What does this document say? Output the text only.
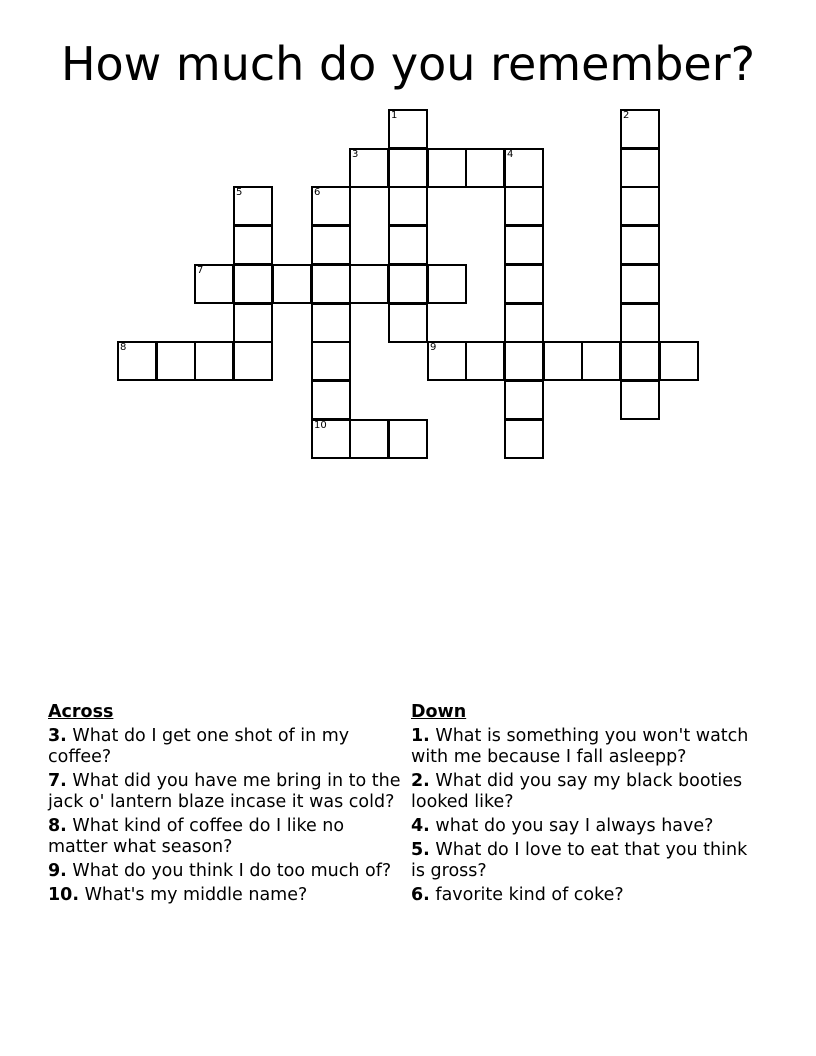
How much do you remember?
1	2
3	4
5	6
7
8	9
10
Across
3. What do I get one shot of in my coffee?
7. What did you have me bring in to the jack o' lantern blaze incase it was cold?
8. What kind of coffee do I like no matter what season?
9. What do you think I do too much of?
10. What's my middle name?
Down
1. What is something you won't watch with me because I fall asleepp?
2. What did you say my black booties looked like?
4. what do you say I always have?
5. What do I love to eat that you think is gross?
6. favorite kind of coke?
